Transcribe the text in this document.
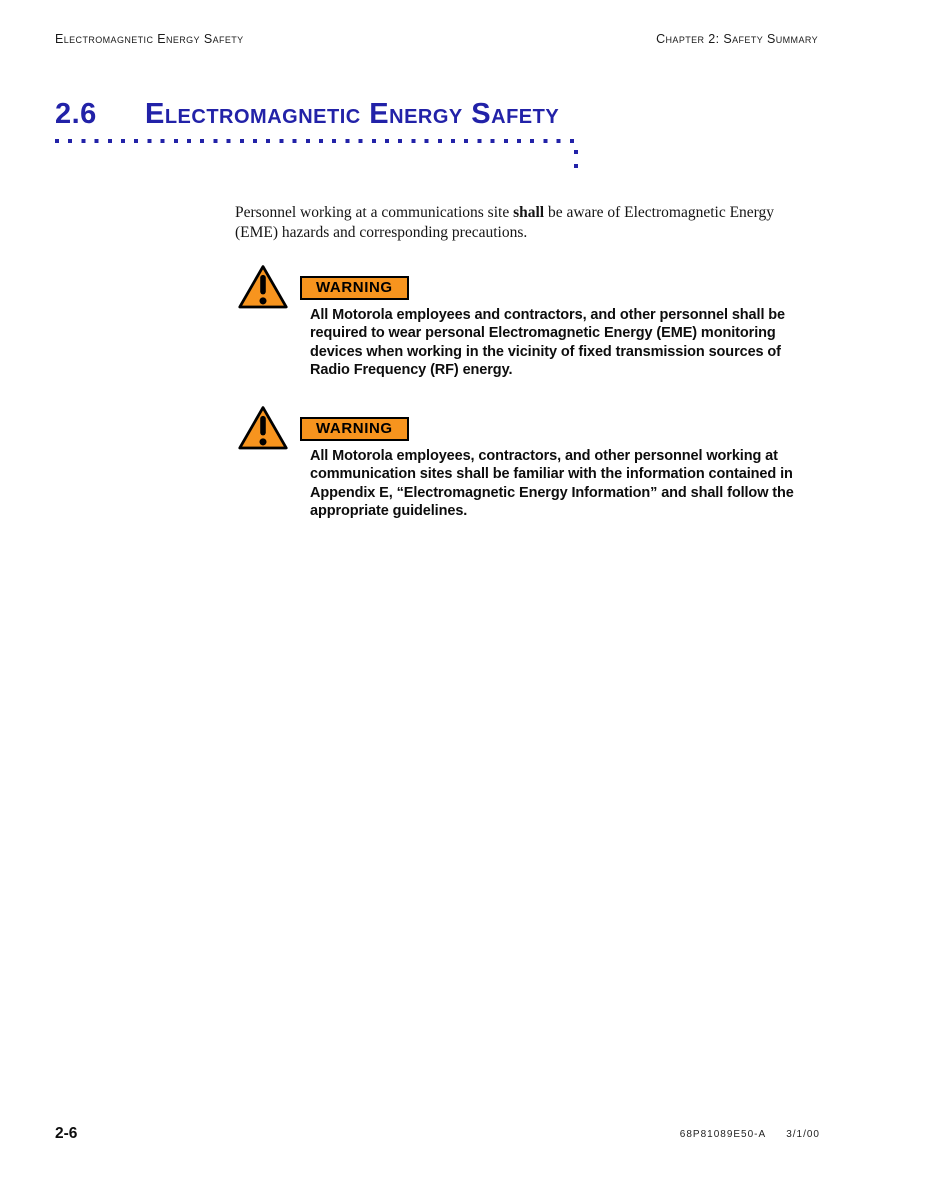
Electromagnetic Energy Safety	Chapter 2: Safety Summary
2.6	Electromagnetic Energy Safety
Personnel working at a communications site shall be aware of Electromagnetic Energy
(EME) hazards and corresponding precautions.
WARNING
All Motorola employees and contractors, and other personnel shall be
required to wear personal Electromagnetic Energy (EME) monitoring
devices when working in the vicinity of fixed transmission sources of
Radio Frequency (RF) energy.
WARNING
All Motorola employees, contractors, and other personnel working at
communication sites shall be familiar with the information contained in
Appendix E, “Electromagnetic Energy Information” and shall follow the
appropriate guidelines.
2-6	68P81089E50-A 3/1/00
